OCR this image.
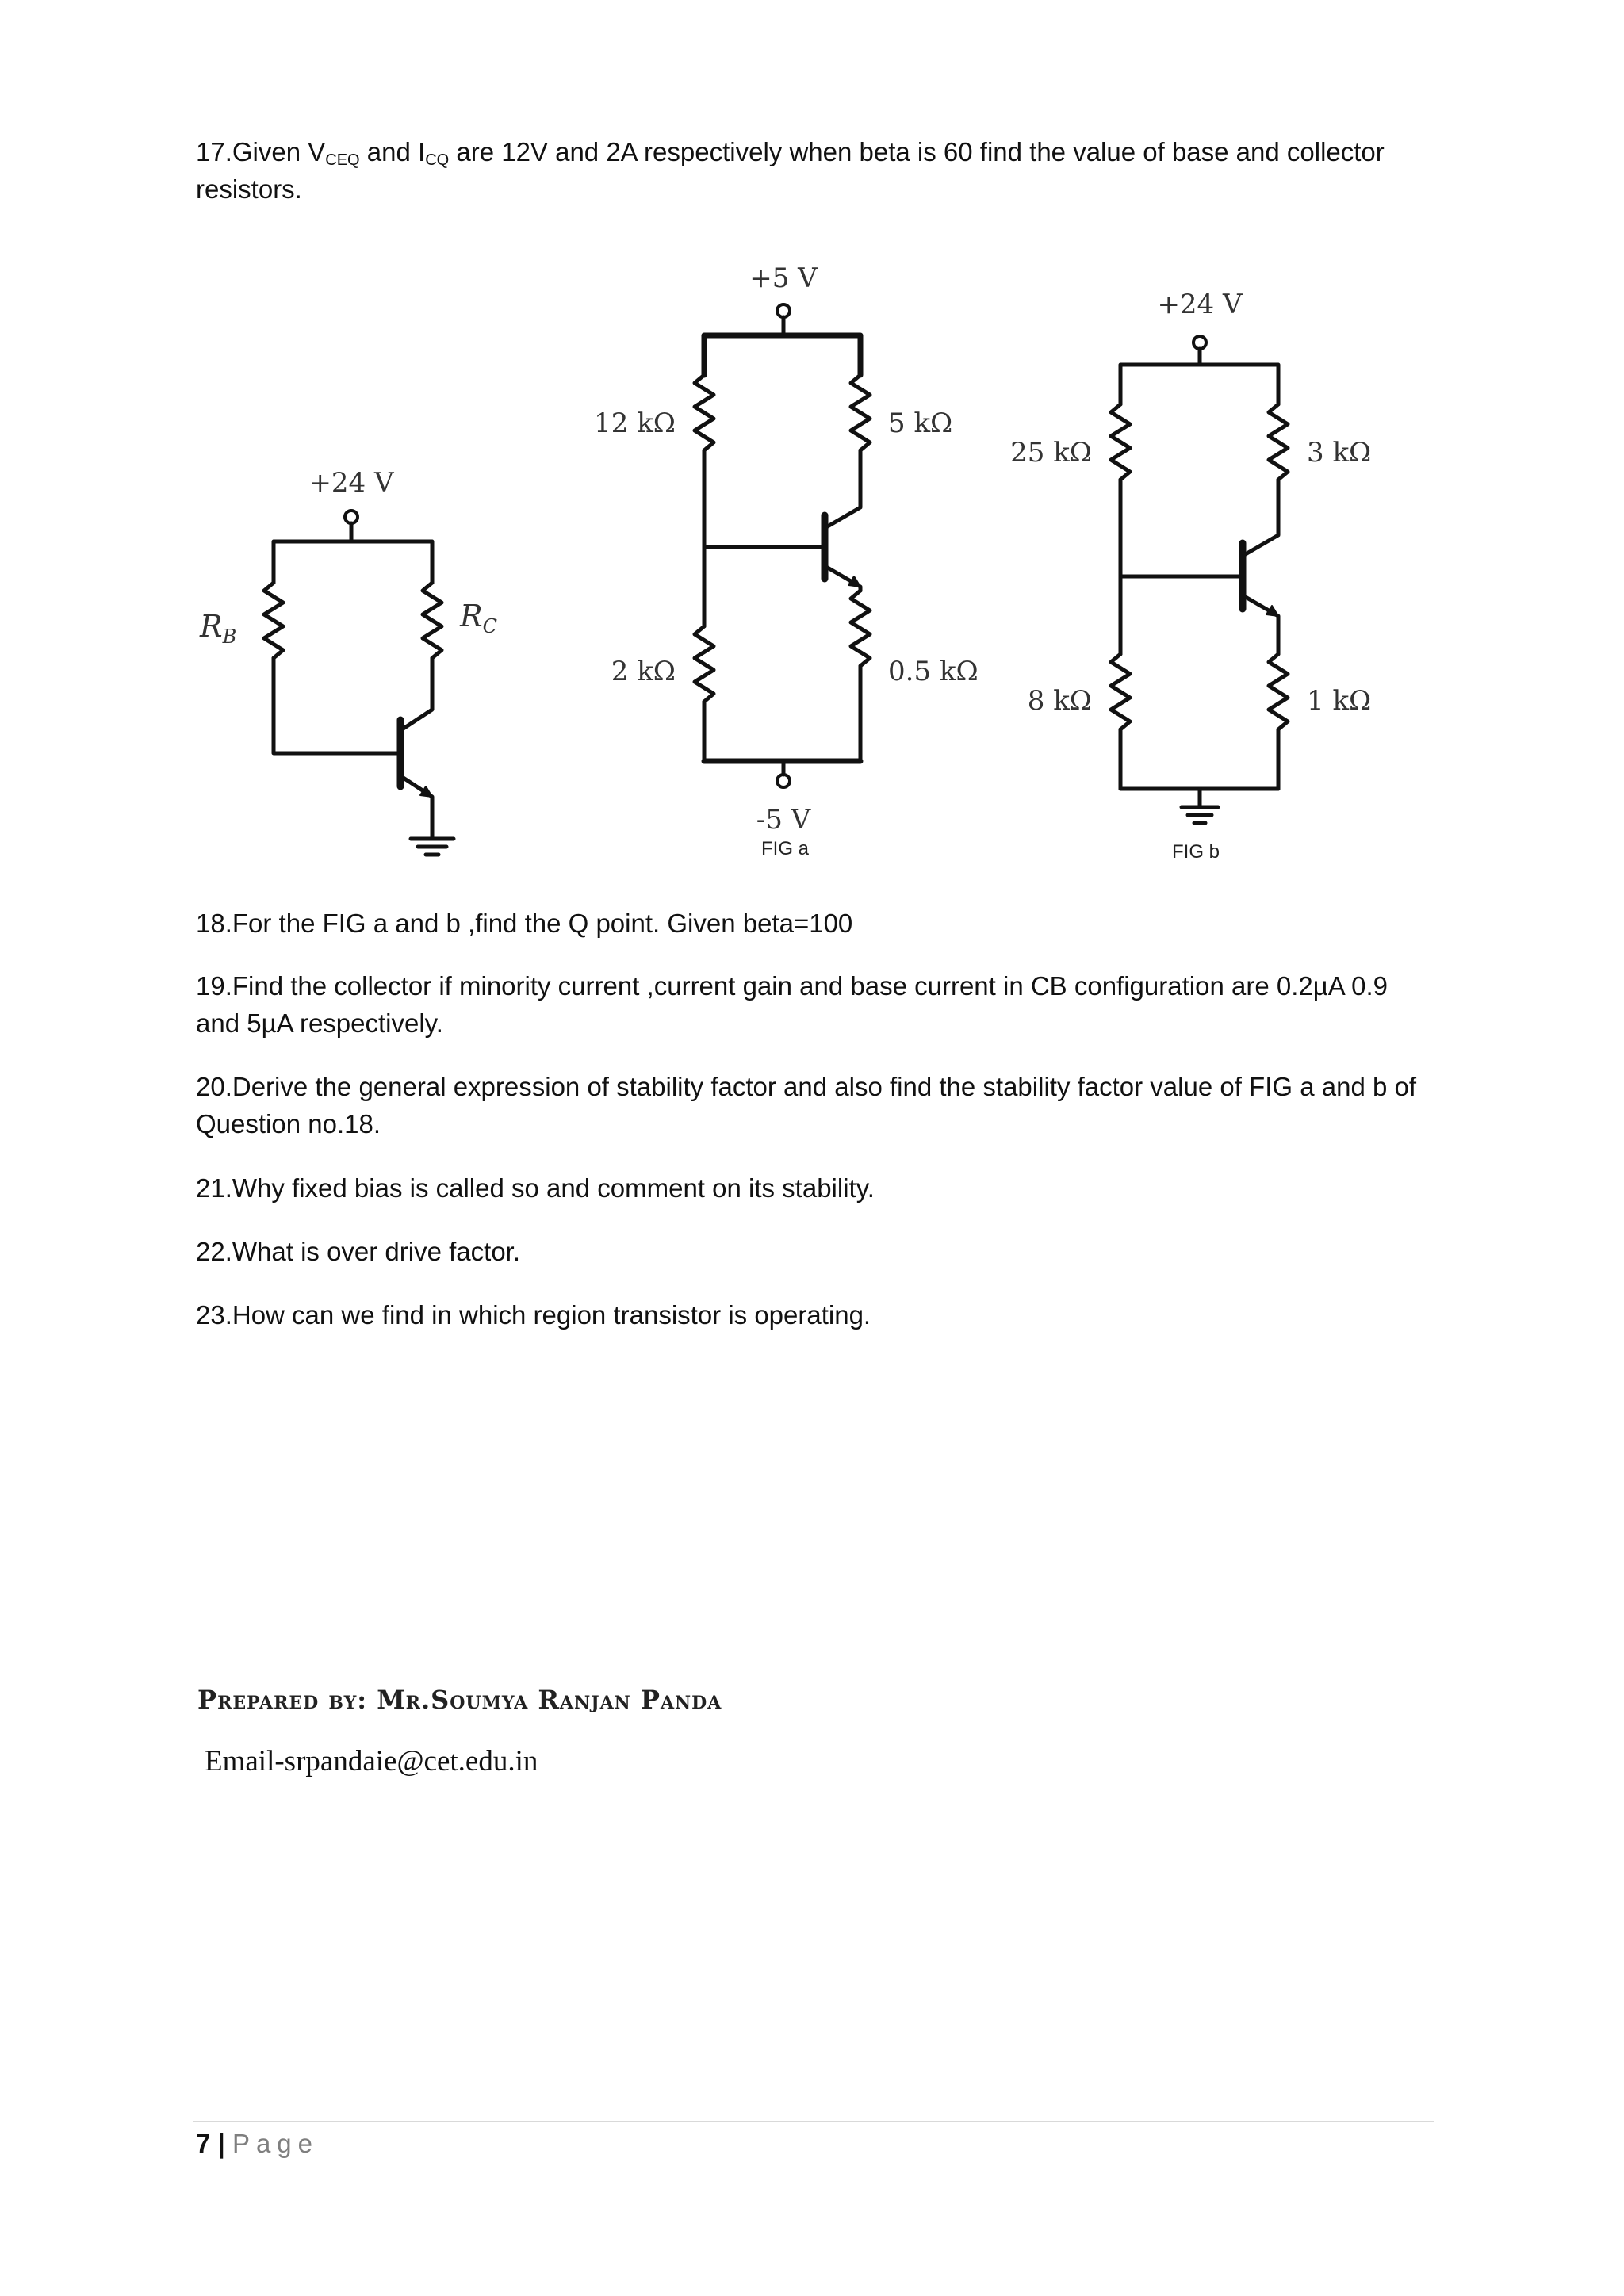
17.Given $V_{CEQ}$ and $I_{CQ}$ are 12V and 2A respectively when beta is 60 find the value of base and collector resistors.

+24 V
$R_B$
$R_C$
+5 V
12 kΩ	5 kΩ
2 kΩ	0.5 kΩ
-5 V
FIG a
+24 V
25 kΩ	3 kΩ
8 kΩ	1 kΩ
FIG b

18.For the FIG a and b ,find the Q point. Given beta=100

19.Find the collector if minority current ,current gain and base current in CB configuration are 0.2µA 0.9 and 5µA respectively.

20.Derive the general expression of stability factor and also find the stability factor value of FIG a and b of Question no.18.

21.Why fixed bias is called so and comment on its stability.

22.What is over drive factor.

23.How can we find in which region transistor is operating.

Prepared by: Mr.Soumya Ranjan Panda
Email-srpandaie@cet.edu.in
7 | Page
